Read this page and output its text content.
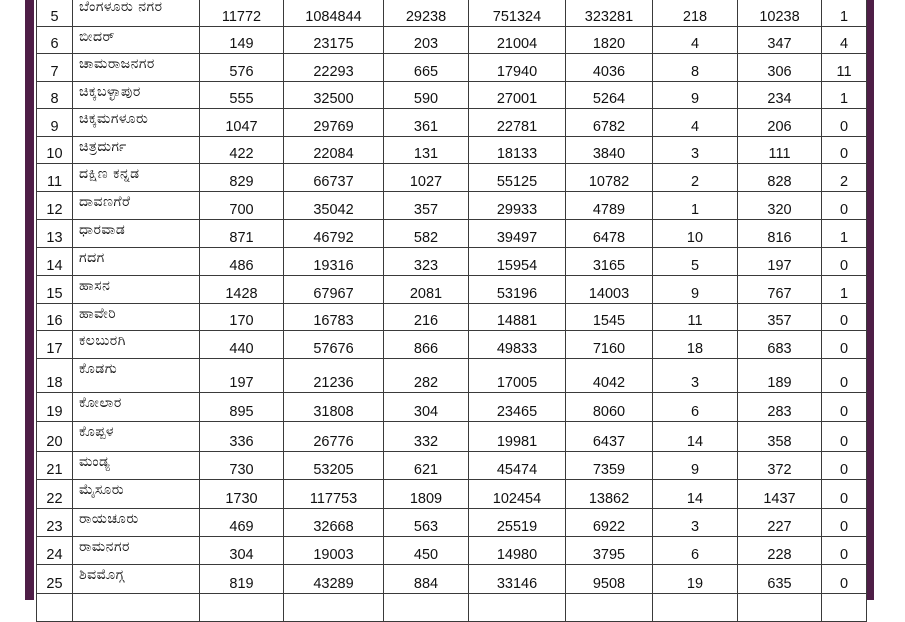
5	ಬೆಂಗಳೂರು ನಗರ	11772	1084844	29238	751324	323281	218	10238	1
6	ಬೀದರ್	149	23175	203	21004	1820	4	347	4
7	ಚಾಮರಾಜನಗರ	576	22293	665	17940	4036	8	306	11
8	ಚಿಕ್ಕಬಳ್ಳಾಪುರ	555	32500	590	27001	5264	9	234	1
9	ಚಿಕ್ಕಮಗಳೂರು	1047	29769	361	22781	6782	4	206	0
10	ಚಿತ್ರದುರ್ಗ	422	22084	131	18133	3840	3	111	0
11	ದಕ್ಷಿಣ ಕನ್ನಡ	829	66737	1027	55125	10782	2	828	2
12	ದಾವಣಗೆರೆ	700	35042	357	29933	4789	1	320	0
13	ಧಾರವಾಡ	871	46792	582	39497	6478	10	816	1
14	ಗದಗ	486	19316	323	15954	3165	5	197	0
15	ಹಾಸನ	1428	67967	2081	53196	14003	9	767	1
16	ಹಾವೇರಿ	170	16783	216	14881	1545	11	357	0
17	ಕಲಬುರಗಿ	440	57676	866	49833	7160	18	683	0
18	ಕೊಡಗು	197	21236	282	17005	4042	3	189	0
19	ಕೋಲಾರ	895	31808	304	23465	8060	6	283	0
20	ಕೊಪ್ಪಳ	336	26776	332	19981	6437	14	358	0
21	ಮಂಡ್ಯ	730	53205	621	45474	7359	9	372	0
22	ಮೈಸೂರು	1730	117753	1809	102454	13862	14	1437	0
23	ರಾಯಚೂರು	469	32668	563	25519	6922	3	227	0
24	ರಾಮನಗರ	304	19003	450	14980	3795	6	228	0
25	ಶಿವಮೊಗ್ಗ	819	43289	884	33146	9508	19	635	0
